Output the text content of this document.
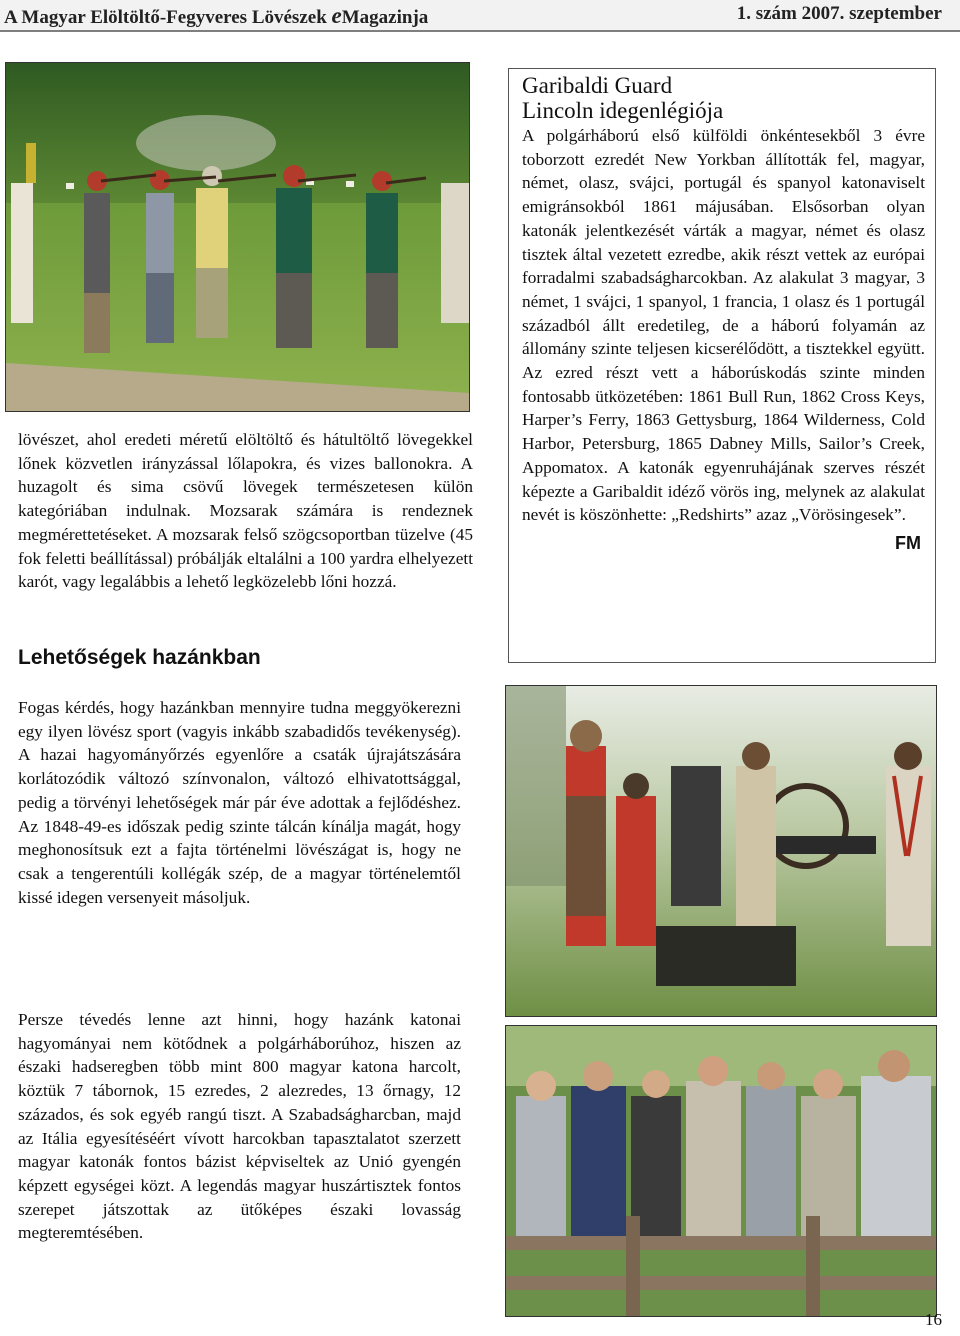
A Magyar Elöltöltő-Fegyveres Lövészek eMagazinja	1. szám 2007. szeptember

lövészet, ahol eredeti méretű elöltöltő és hátultöltő lövegekkel lőnek közvetlen irányzással lőlapokra, és vizes ballonokra. A huzagolt és sima csövű lövegek természetesen külön kategóriában indulnak. Mozsarak számára is rendeznek megmérettetéseket. A mozsarak felső szögcsoportban tüzelve (45 fok feletti beállítással) próbálják eltalálni a 100 yardra elhelyezett karót, vagy legalábbis a lehető legközelebb lőni hozzá.

Lehetőségek hazánkban

Fogas kérdés, hogy hazánkban mennyire tudna meggyökerezni egy ilyen lövész sport (vagyis inkább szabadidős tevékenység). A hazai hagyományőrzés egyenlőre a csaták újrajátszására korlátozódik változó színvonalon, változó elhivatottsággal, pedig a törvényi lehetőségek már pár éve adottak a fejlődéshez. Az 1848-49-es időszak pedig szinte tálcán kínálja magát, hogy meghonosítsuk ezt a fajta történelmi lövészágat is, hogy ne csak a tengerentúli kollégák szép, de a magyar történelemtől kissé idegen versenyeit másoljuk.

Persze tévedés lenne azt hinni, hogy hazánk katonai hagyományai nem kötődnek a polgárháborúhoz, hiszen az északi hadseregben több mint 800 magyar katona harcolt, köztük 7 tábornok, 15 ezredes, 2 alezredes, 13 őrnagy, 12 százados, és sok egyéb rangú tiszt. A Szabadságharcban, majd az Itália egyesítéséért vívott harcokban tapasztalatot szerzett magyar katonák fontos bázist képviseltek az Unió gyengén képzett egységei közt. A legendás magyar huszártisztek fontos szerepet játszottak az ütőképes északi lovasság megteremtésében.

Garibaldi Guard
Lincoln idegenlégiója
A polgárháború első külföldi önkéntesekből 3 évre toborzott ezredét New Yorkban állították fel, magyar, német, olasz, svájci, portugál és spanyol katonaviselt emigránsokból 1861 májusában. Elsősorban olyan katonák jelentkezését várták a magyar, német és olasz tisztek által vezetett ezredbe, akik részt vettek az európai forradalmi szabadságharcokban. Az alakulat 3 magyar, 3 német, 1 svájci, 1 spanyol, 1 francia, 1 olasz és 1 portugál századból állt eredetileg, de a háború folyamán az állomány szinte teljesen kicserélődött, a tisztekkel együtt. Az ezred részt vett a háborúskodás szinte minden fontosabb ütközetében: 1861 Bull Run, 1862 Cross Keys, Harper’s Ferry, 1863 Gettysburg, 1864 Wilderness, Cold Harbor, Petersburg, 1865 Dabney Mills, Sailor’s Creek, Appomatox. A katonák egyenruhájának szerves részét képezte a Garibaldit idéző vörös ing, melynek az alakulat nevét is köszönhette: „Redshirts” azaz „Vörösingesek”.
FM
16
